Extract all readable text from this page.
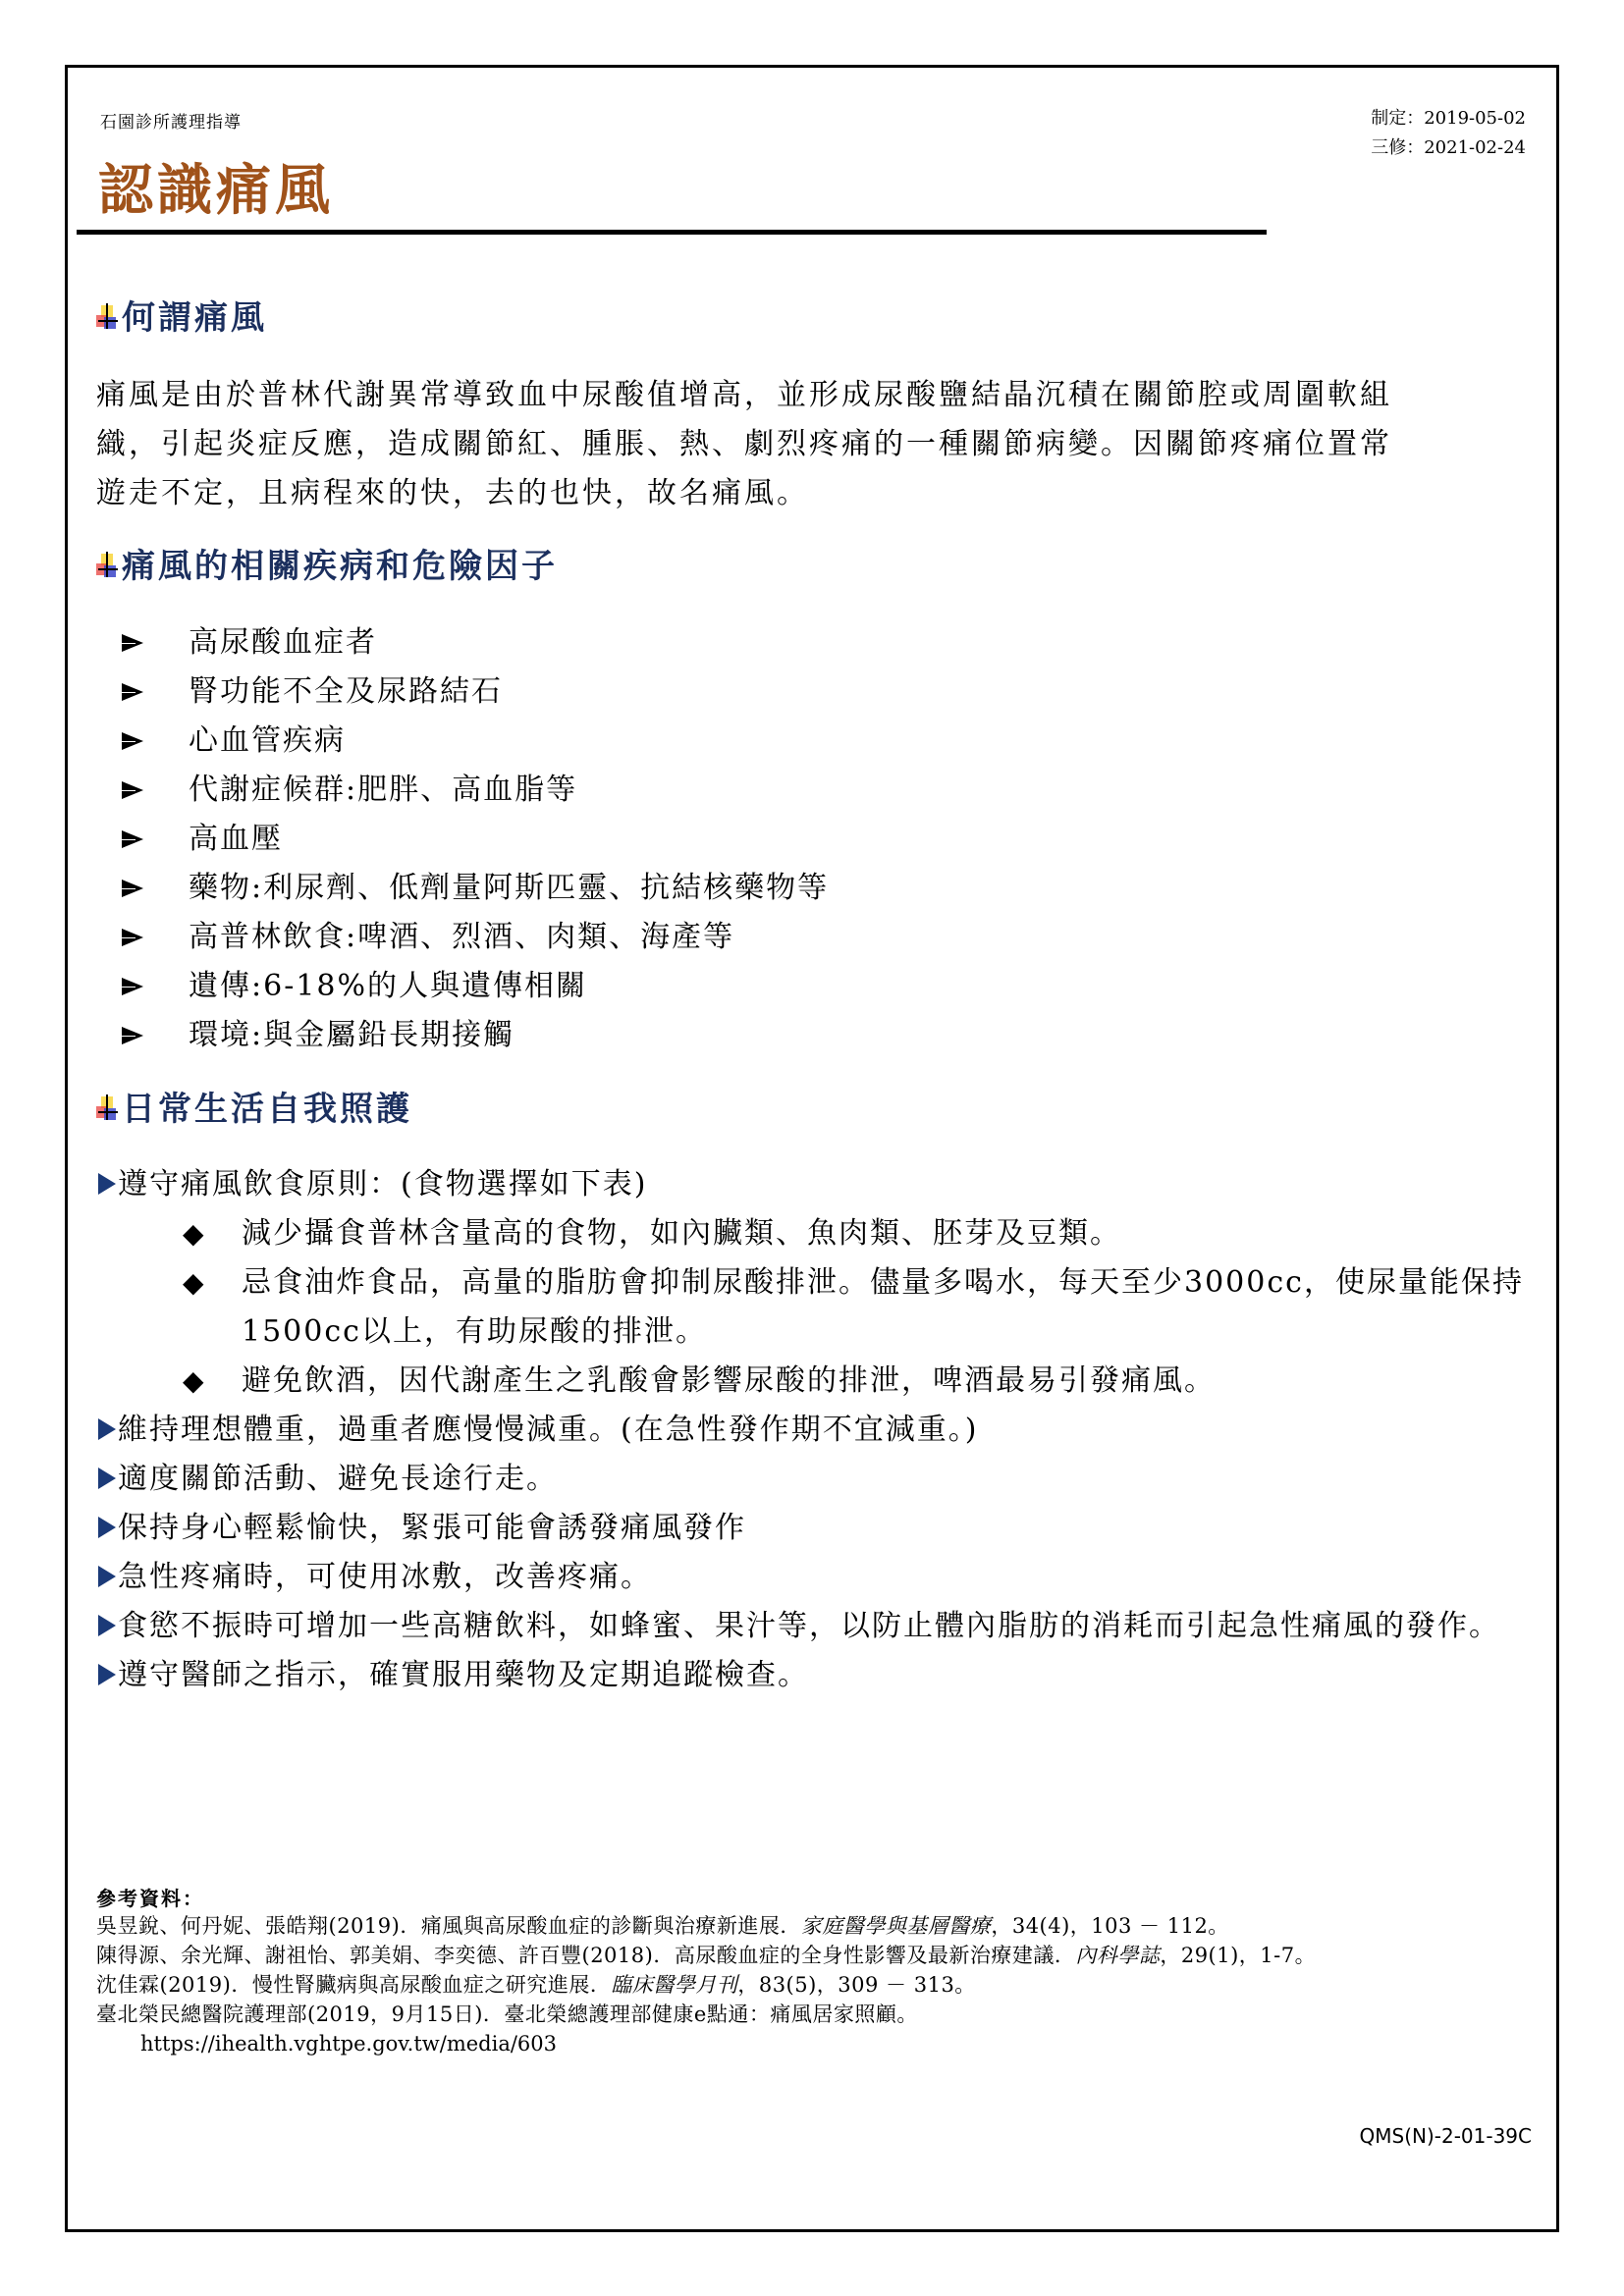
石園診所護理指導	制定：2019-05-02
三修：2021-02-24
認識痛風
何謂痛風
痛風是由於普林代謝異常導致血中尿酸值增高，並形成尿酸鹽結晶沉積在關節腔或周圍軟組
織，引起炎症反應，造成關節紅、腫脹、熱、劇烈疼痛的一種關節病變。因關節疼痛位置常
遊走不定，且病程來的快，去的也快，故名痛風。
痛風的相關疾病和危險因子
高尿酸血症者
腎功能不全及尿路結石
心血管疾病
代謝症候群:肥胖、高血脂等
高血壓
藥物:利尿劑、低劑量阿斯匹靈、抗結核藥物等
高普林飲食:啤酒、烈酒、肉類、海產等
遺傳:6-18%的人與遺傳相關
環境:與金屬鉛長期接觸
日常生活自我照護
遵守痛風飲食原則：(食物選擇如下表)
◆	減少攝食普林含量高的食物，如內臟類、魚肉類、胚芽及豆類。
◆	忌食油炸食品，高量的脂肪會抑制尿酸排泄。儘量多喝水，每天至少3000cc，使尿量能保持1500cc以上，有助尿酸的排泄。
◆	避免飲酒，因代謝產生之乳酸會影響尿酸的排泄，啤酒最易引發痛風。
維持理想體重，過重者應慢慢減重。(在急性發作期不宜減重。)
適度關節活動、避免長途行走。
保持身心輕鬆愉快，緊張可能會誘發痛風發作
急性疼痛時，可使用冰敷，改善疼痛。
食慾不振時可增加一些高糖飲料，如蜂蜜、果汁等，以防止體內脂肪的消耗而引起急性痛風的發作。
遵守醫師之指示，確實服用藥物及定期追蹤檢查。
參考資料：
吳昱銳、何丹妮、張皓翔(2019)．痛風與高尿酸血症的診斷與治療新進展．家庭醫學與基層醫療，34(4)，103 － 112。
陳得源、余光輝、謝祖怡、郭美娟、李奕德、許百豐(2018)．高尿酸血症的全身性影響及最新治療建議．內科學誌，29(1)，1-7。
沈佳霖(2019)．慢性腎臟病與高尿酸血症之研究進展．臨床醫學月刊，83(5)，309 － 313。
臺北榮民總醫院護理部(2019，9月15日)．臺北榮總護理部健康e點通：痛風居家照顧。
https://ihealth.vghtpe.gov.tw/media/603
QMS(N)-2-01-39C
